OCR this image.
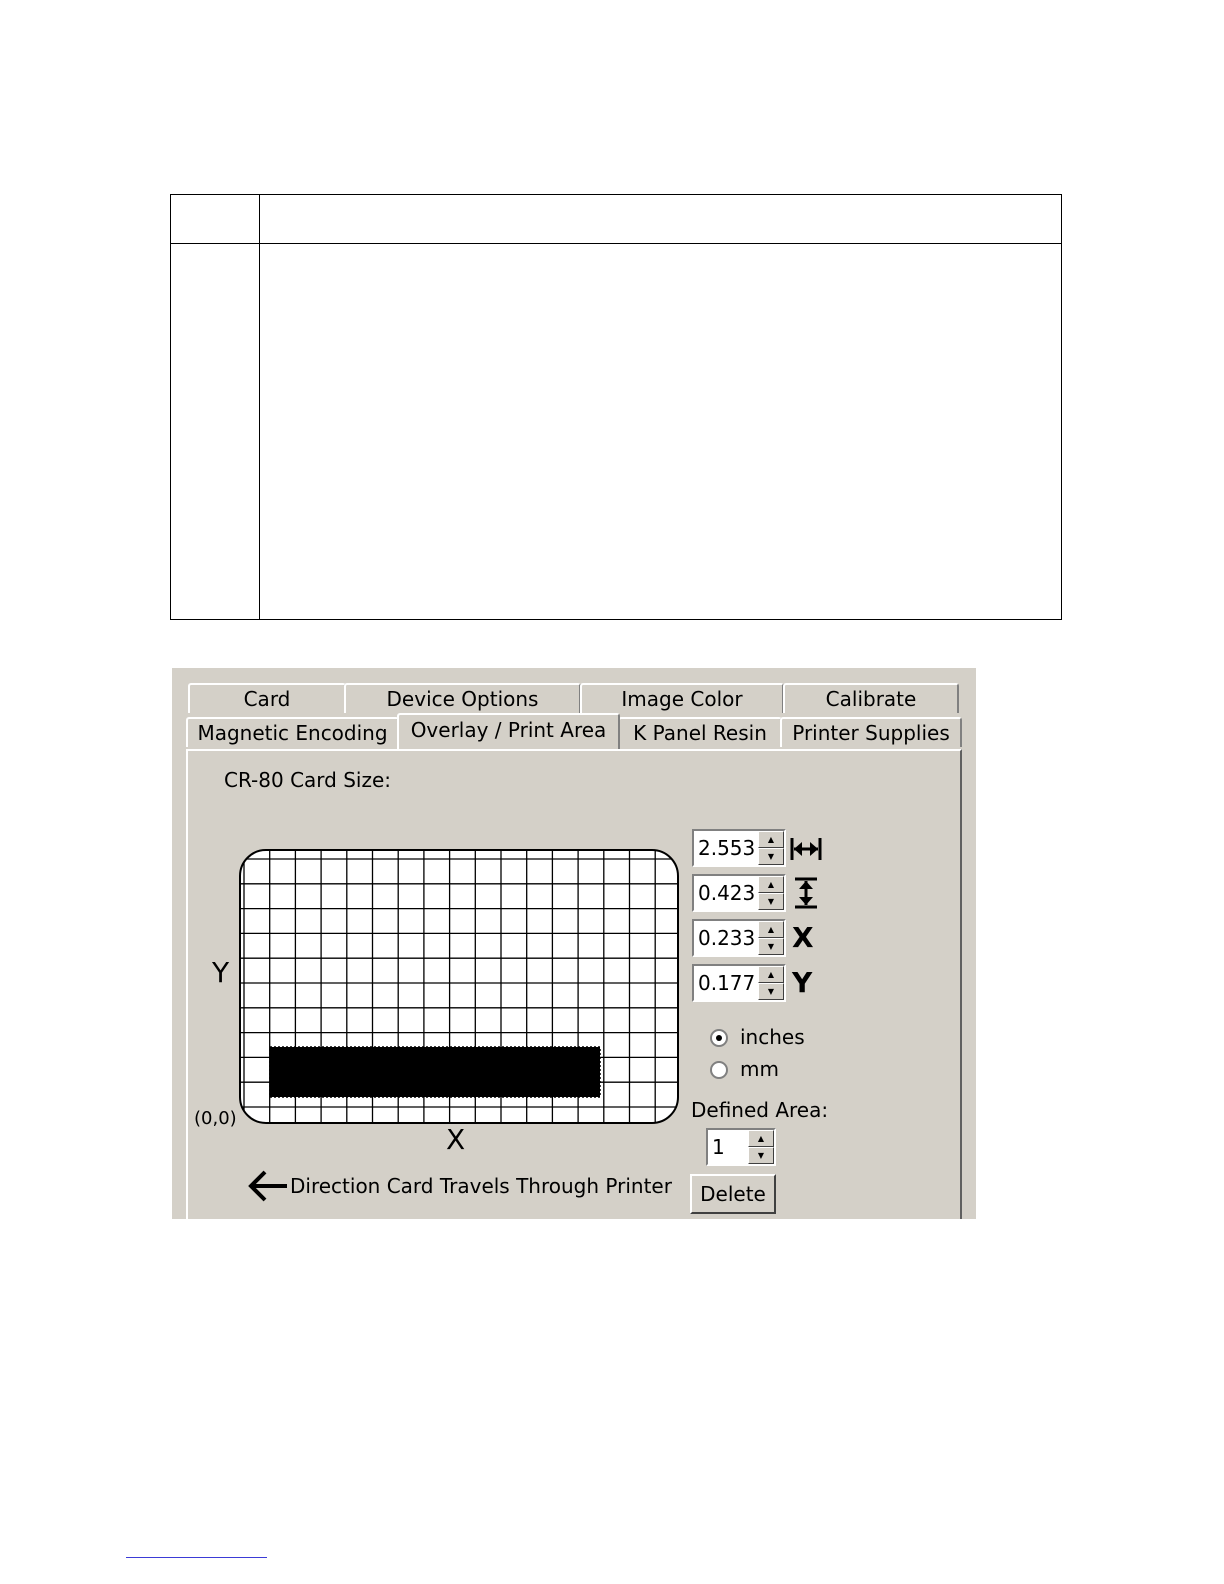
Card	Device Options	Image Color	Calibrate
Magnetic Encoding	Overlay / Print Area	K Panel Resin	Printer Supplies
CR-80 Card Size:
Y
X
(0,0)
Direction Card Travels Through Printer
2.553
▲
▼
0.423
▲
▼
0.233
▲
▼ X
0.177
▲
▼ Y
inches
mm
Defined Area:
1
▲
▼
Delete
